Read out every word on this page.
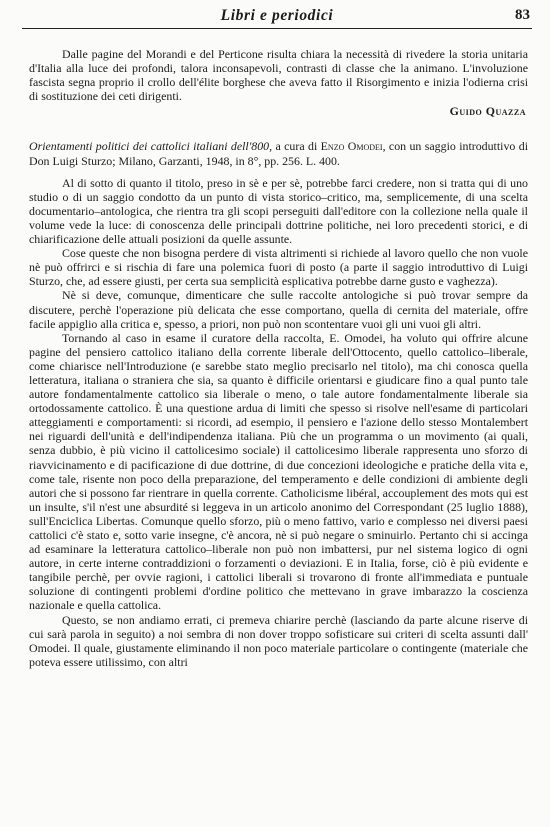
Libri e periodici	83

Dalle pagine del Morandi e del Perticone risulta chiara la necessità di rivedere la storia unitaria d'Italia alla luce dei profondi, talora inconsapevoli, contrasti di classe che la animano. L'involuzione fascista segna proprio il crollo dell'élite borghese che aveva fatto il Risorgimento e inizia l'odierna crisi di sostituzione dei ceti dirigenti.

Guido Quazza

Orientamenti politici dei cattolici italiani dell'800, a cura di Enzo Omodei, con un saggio introduttivo di Don Luigi Sturzo; Milano, Garzanti, 1948, in 8°, pp. 256. L. 400.

Al di sotto di quanto il titolo, preso in sè e per sè, potrebbe farci credere, non si tratta qui di uno studio o di un saggio condotto da un punto di vista storico–critico, ma, semplicemente, di una scelta documentario–antologica, che rientra tra gli scopi perseguiti dall'editore con la collezione nella quale il volume vede la luce: di conoscenza delle principali dottrine politiche, nei loro precedenti storici, e di chiarificazione delle attuali posizioni da quelle assunte.

Cose queste che non bisogna perdere di vista altrimenti si richiede al lavoro quello che non vuole nè può offrirci e si rischia di fare una polemica fuori di posto (a parte il saggio introduttivo di Luigi Sturzo, che, ad essere giusti, per certa sua semplicità esplicativa potrebbe darne gusto e vaghezza).

Nè si deve, comunque, dimenticare che sulle raccolte antologiche si può trovar sempre da discutere, perchè l'operazione più delicata che esse comportano, quella di cernita del materiale, offre facile appiglio alla critica e, spesso, a priori, non può non scontentare vuoi gli uni vuoi gli altri.

Tornando al caso in esame il curatore della raccolta, E. Omodei, ha voluto qui offrire alcune pagine del pensiero cattolico italiano della corrente liberale dell'Ottocento, quello cattolico–liberale, come chiarisce nell'Introduzione (e sarebbe stato meglio precisarlo nel titolo), ma chi conosca quella letteratura, italiana o straniera che sia, sa quanto è difficile orientarsi e giudicare fino a qual punto tale autore fondamentalmente cattolico sia liberale o meno, o tale autore fondamentalmente liberale sia ortodossamente cattolico. È una questione ardua di limiti che spesso si risolve nell'esame di particolari atteggiamenti e comportamenti: si ricordi, ad esempio, il pensiero e l'azione dello stesso Montalembert nei riguardi dell'unità e dell'indipendenza italiana. Più che un programma o un movimento (ai quali, senza dubbio, è più vicino il cattolicesimo sociale) il cattolicesimo liberale rappresenta uno sforzo di riavvicinamento e di pacificazione di due dottrine, di due concezioni ideologiche e pratiche della vita e, come tale, risente non poco della preparazione, del temperamento e delle condizioni di ambiente degli autori che si possono far rientrare in quella corrente. Catholicisme libéral, accouplement des mots qui est un insulte, s'il n'est une absurdité si leggeva in un articolo anonimo del Correspondant (25 luglio 1888), sull'Enciclica Libertas. Comunque quello sforzo, più o meno fattivo, vario e complesso nei diversi paesi cattolici c'è stato e, sotto varie insegne, c'è ancora, nè si può negare o sminuirlo. Pertanto chi si accinga ad esaminare la letteratura cattolico–liberale non può non imbattersi, pur nel sistema logico di ogni autore, in certe interne contraddizioni o forzamenti o deviazioni. E in Italia, forse, ciò è più evidente e tangibile perchè, per ovvie ragioni, i cattolici liberali si trovarono di fronte all'immediata e puntuale soluzione di contingenti problemi d'ordine politico che mettevano in grave imbarazzo la coscienza nazionale e quella cattolica.

Questo, se non andiamo errati, ci premeva chiarire perchè (lasciando da parte alcune riserve di cui sarà parola in seguito) a noi sembra di non dover troppo sofisticare sui criteri di scelta assunti dall' Omodei. Il quale, giustamente eliminando il non poco materiale particolare o contingente (materiale che poteva essere utilissimo, con altri
